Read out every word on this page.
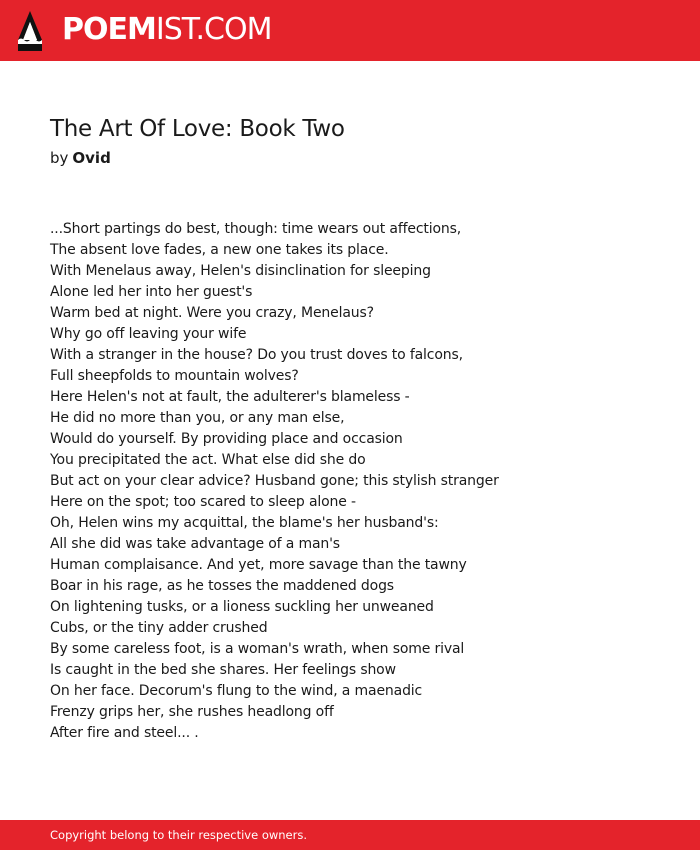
POEM IST.COM
The Art Of Love: Book Two
by Ovid
...Short partings do best, though: time wears out affections,
The absent love fades, a new one takes its place.
With Menelaus away, Helen's disinclination for sleeping
Alone led her into her guest's
Warm bed at night. Were you crazy, Menelaus?
Why go off leaving your wife
With a stranger in the house? Do you trust doves to falcons,
Full sheepfolds to mountain wolves?
Here Helen's not at fault, the adulterer's blameless -
He did no more than you, or any man else,
Would do yourself. By providing place and occasion
You precipitated the act. What else did she do
But act on your clear advice? Husband gone; this stylish stranger
Here on the spot; too scared to sleep alone -
Oh, Helen wins my acquittal, the blame's her husband's:
All she did was take advantage of a man's
Human complaisance. And yet, more savage than the tawny
Boar in his rage, as he tosses the maddened dogs
On lightening tusks, or a lioness suckling her unweaned
Cubs, or the tiny adder crushed
By some careless foot, is a woman's wrath, when some rival
Is caught in the bed she shares. Her feelings show
On her face. Decorum's flung to the wind, a maenadic
Frenzy grips her, she rushes headlong off
After fire and steel... .
Copyright belong to their respective owners.
